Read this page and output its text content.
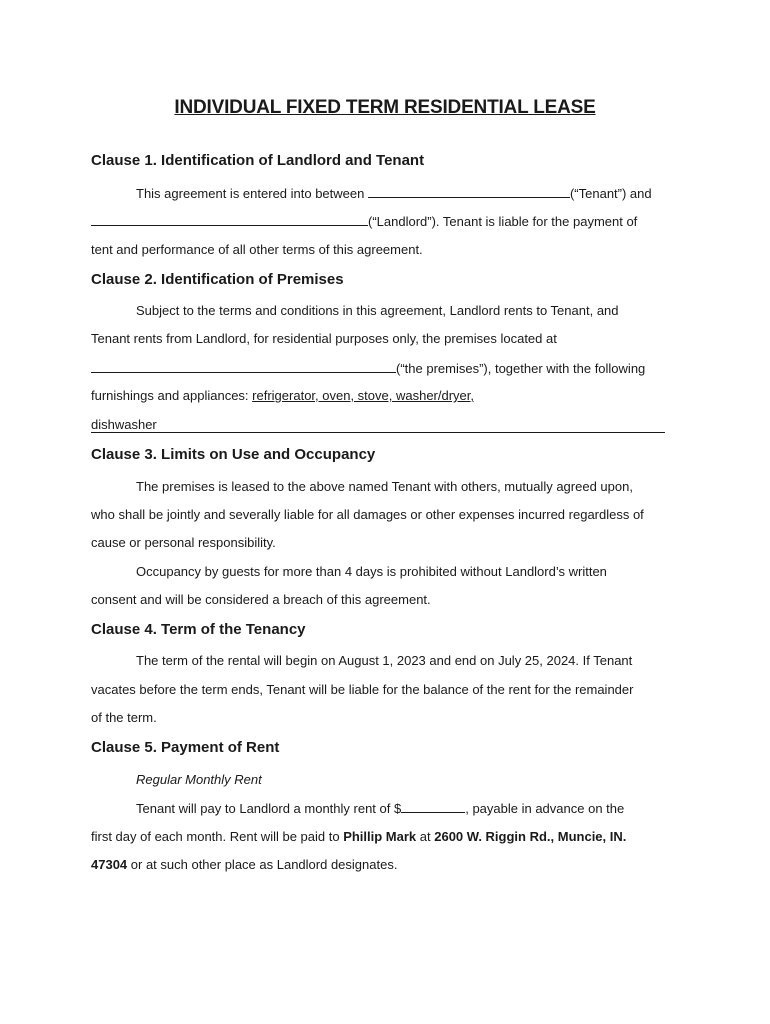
INDIVIDUAL FIXED TERM RESIDENTIAL LEASE
Clause 1. Identification of Landlord and Tenant
This agreement is entered into between	(“Tenant”) and
(“Landlord”). Tenant is liable for the payment of
tent and performance of all other terms of this agreement.
Clause 2. Identification of Premises
Subject to the terms and conditions in this agreement, Landlord rents to Tenant, and
Tenant rents from Landlord, for residential purposes only, the premises located at
(“the premises”), together with the following
furnishings and appliances: refrigerator, oven, stove, washer/dryer,
dishwasher
Clause 3. Limits on Use and Occupancy
The premises is leased to the above named Tenant with others, mutually agreed upon,
who shall be jointly and severally liable for all damages or other expenses incurred regardless of
cause or personal responsibility.
Occupancy by guests for more than 4 days is prohibited without Landlord’s written
consent and will be considered a breach of this agreement.
Clause 4. Term of the Tenancy
The term of the rental will begin on August 1, 2023 and end on July 25, 2024. If Tenant
vacates before the term ends, Tenant will be liable for the balance of the rent for the remainder
of the term.
Clause 5. Payment of Rent
Regular Monthly Rent
Tenant will pay to Landlord a monthly rent of $	, payable in advance on the
first day of each month. Rent will be paid to Phillip Mark at 2600 W. Riggin Rd., Muncie, IN.
47304 or at such other place as Landlord designates.
